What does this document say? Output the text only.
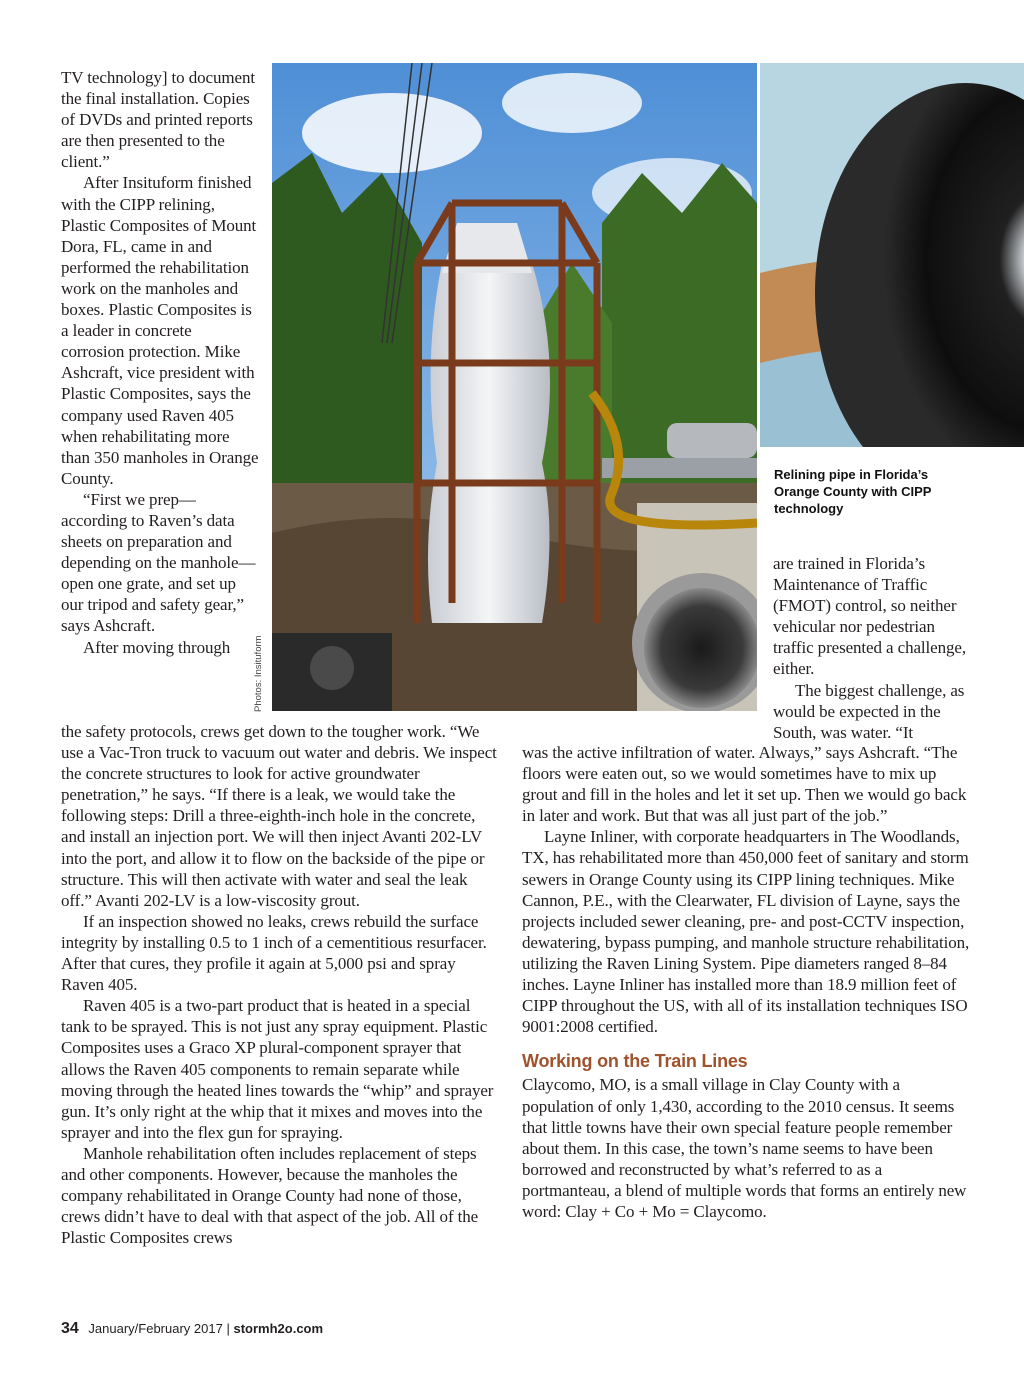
TV technology] to document the final installation. Copies of DVDs and printed reports are then presented to the client.”

After Insituform finished with the CIPP relining, Plastic Composites of Mount Dora, FL, came in and performed the rehabilitation work on the manholes and boxes. Plastic Composites is a leader in concrete corrosion protection. Mike Ashcraft, vice president with Plastic Composites, says the company used Raven 405 when rehabilitating more than 350 manholes in Orange County.

“First we prep—according to Raven’s data sheets on preparation and depending on the manhole—open one grate, and set up our tripod and safety gear,” says Ashcraft.

After moving through	Photos: Insituform
Relining pipe in Florida’s Orange County with CIPP technology

the safety protocols, crews get down to the tougher work. “We use a Vac-Tron truck to vacuum out water and debris. We inspect the concrete structures to look for active groundwater penetration,” he says. “If there is a leak, we would take the following steps: Drill a three-eighth-inch hole in the concrete, and install an injection port. We will then inject Avanti 202-LV into the port, and allow it to flow on the backside of the pipe or structure. This will then activate with water and seal the leak off.” Avanti 202-LV is a low-viscosity grout.

If an inspection showed no leaks, crews rebuild the surface integrity by installing 0.5 to 1 inch of a cementitious resurfacer. After that cures, they profile it again at 5,000 psi and spray Raven 405.

Raven 405 is a two-part product that is heated in a special tank to be sprayed. This is not just any spray equipment. Plastic Composites uses a Graco XP plural-component sprayer that allows the Raven 405 components to remain separate while moving through the heated lines towards the “whip” and sprayer gun. It’s only right at the whip that it mixes and moves into the sprayer and into the flex gun for spraying.

Manhole rehabilitation often includes replacement of steps and other components. However, because the manholes the company rehabilitated in Orange County had none of those, crews didn’t have to deal with that aspect of the job. All of the Plastic Composites crews

are trained in Florida’s Maintenance of Traffic (FMOT) control, so neither vehicular nor pedestrian traffic presented a challenge, either.

The biggest challenge, as would be expected in the South, was water. “It

was the active infiltration of water. Always,” says Ashcraft. “The floors were eaten out, so we would sometimes have to mix up grout and fill in the holes and let it set up. Then we would go back in later and work. But that was all just part of the job.”

Layne Inliner, with corporate headquarters in The Woodlands, TX, has rehabilitated more than 450,000 feet of sanitary and storm sewers in Orange County using its CIPP lining techniques. Mike Cannon, P.E., with the Clearwater, FL division of Layne, says the projects included sewer cleaning, pre- and post-CCTV inspection, dewatering, bypass pumping, and manhole structure rehabilitation, utilizing the Raven Lining System. Pipe diameters ranged 8–84 inches. Layne Inliner has installed more than 18.9 million feet of CIPP throughout the US, with all of its installation techniques ISO 9001:2008 certified.

Working on the Train Lines

Claycomo, MO, is a small village in Clay County with a population of only 1,430, according to the 2010 census. It seems that little towns have their own special feature people remember about them. In this case, the town’s name seems to have been borrowed and reconstructed by what’s referred to as a portmanteau, a blend of multiple words that forms an entirely new word: Clay + Co + Mo = Claycomo.

34 January/February 2017 | stormh2o.com
